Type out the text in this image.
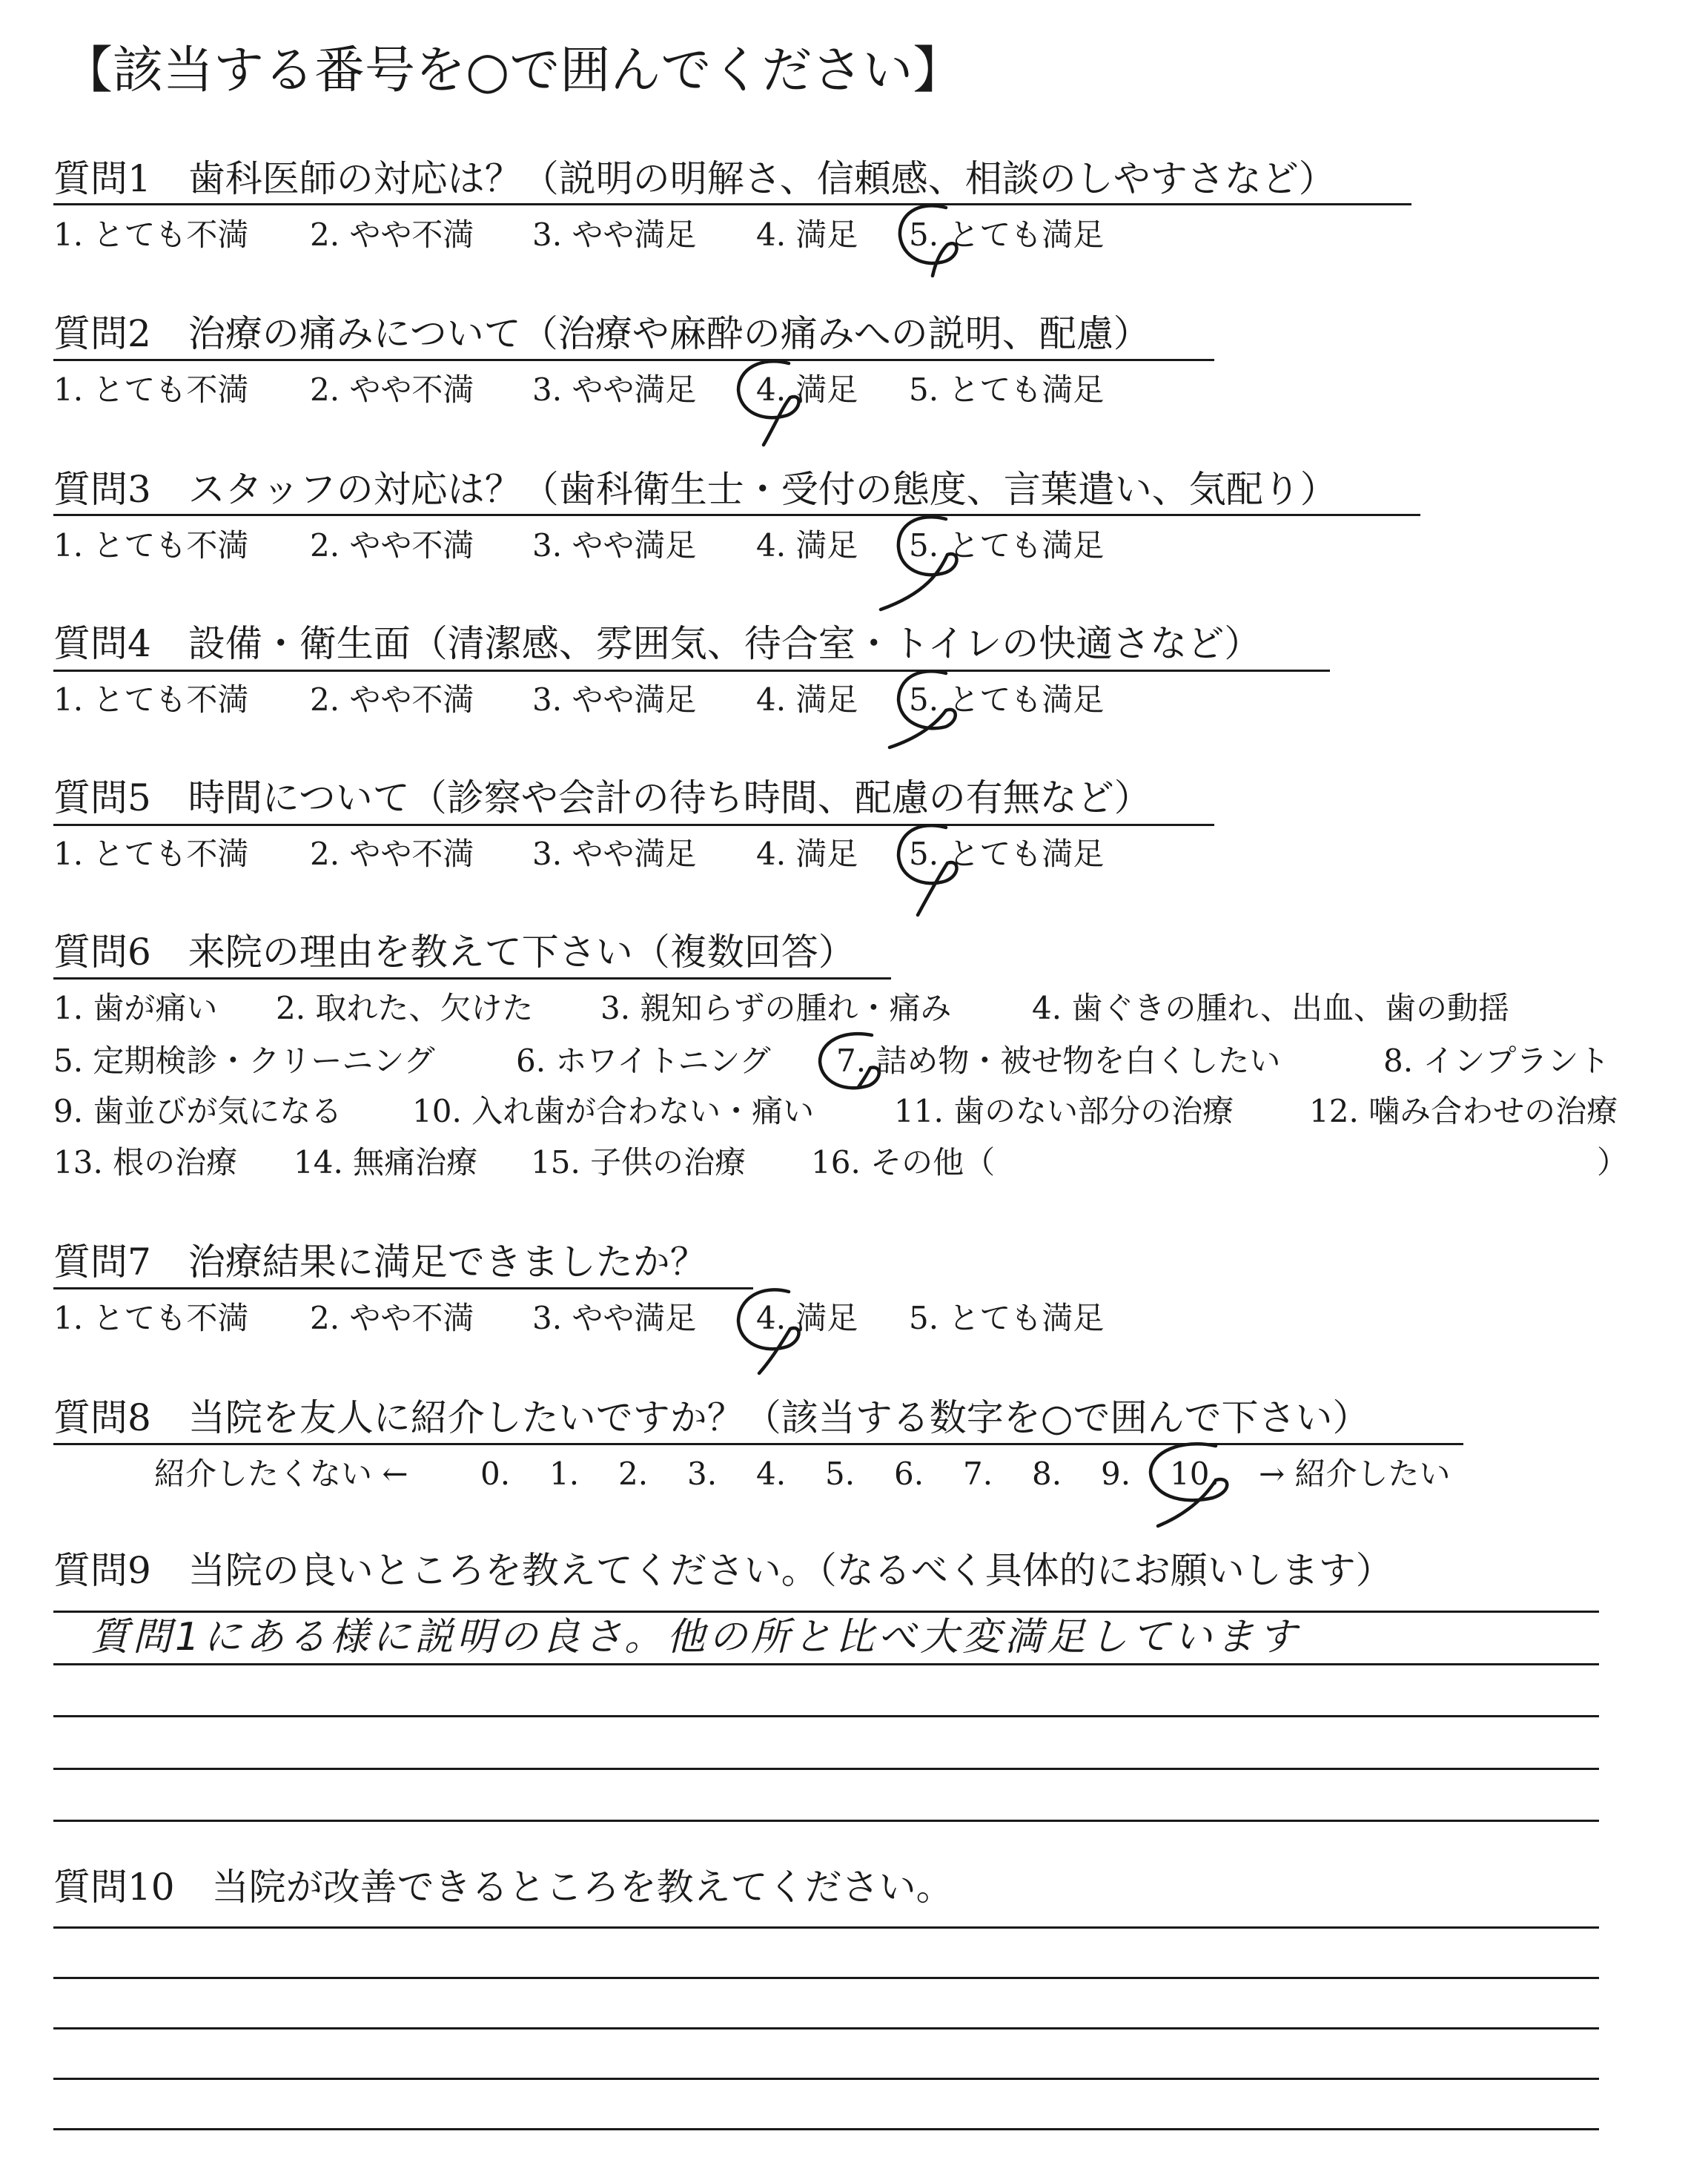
【該当する番号を○で囲んでください】
質問1　歯科医師の対応は？（説明の明解さ、信頼感、相談のしやすさなど）
1. とても不満 2. やや不満 3. やや満足 4. 満足 5. とても満足
質問2　治療の痛みについて（治療や麻酔の痛みへの説明、配慮）
1. とても不満 2. やや不満 3. やや満足 4. 満足 5. とても満足
質問3　スタッフの対応は？（歯科衛生士・受付の態度、言葉遣い、気配り）
1. とても不満 2. やや不満 3. やや満足 4. 満足 5. とても満足
質問4　設備・衛生面（清潔感、雰囲気、待合室・トイレの快適さなど）
1. とても不満 2. やや不満 3. やや満足 4. 満足 5. とても満足
質問5　時間について（診察や会計の待ち時間、配慮の有無など）
1. とても不満 2. やや不満 3. やや満足 4. 満足 5. とても満足
質問6　来院の理由を教えて下さい（複数回答）
1. 歯が痛い 2. 取れた、欠けた 3. 親知らずの腫れ・痛み	4. 歯ぐきの腫れ、出血、歯の動揺
5. 定期検診・クリーニング	6. ホワイトニング 7. 詰め物・被せ物を白くしたい	8. インプラント
9. 歯並びが気になる 10. 入れ歯が合わない・痛い	11. 歯のない部分の治療 12. 噛み合わせの治療
13. 根の治療 14. 無痛治療 15. 子供の治療 16. その他（	）
質問7　治療結果に満足できましたか？
1. とても不満 2. やや不満 3. やや満足 4. 満足 5. とても満足
質問8　当院を友人に紹介したいですか？（該当する数字を○で囲んで下さい）
紹介したくない ← 0. 1. 2. 3. 4. 5. 6. 7. 8. 9. 10. → 紹介したい
質問9　当院の良いところを教えてください。（なるべく具体的にお願いします）
質問1にある様に説明の良さ。他の所と比べ大変満足しています
質問10　当院が改善できるところを教えてください。
